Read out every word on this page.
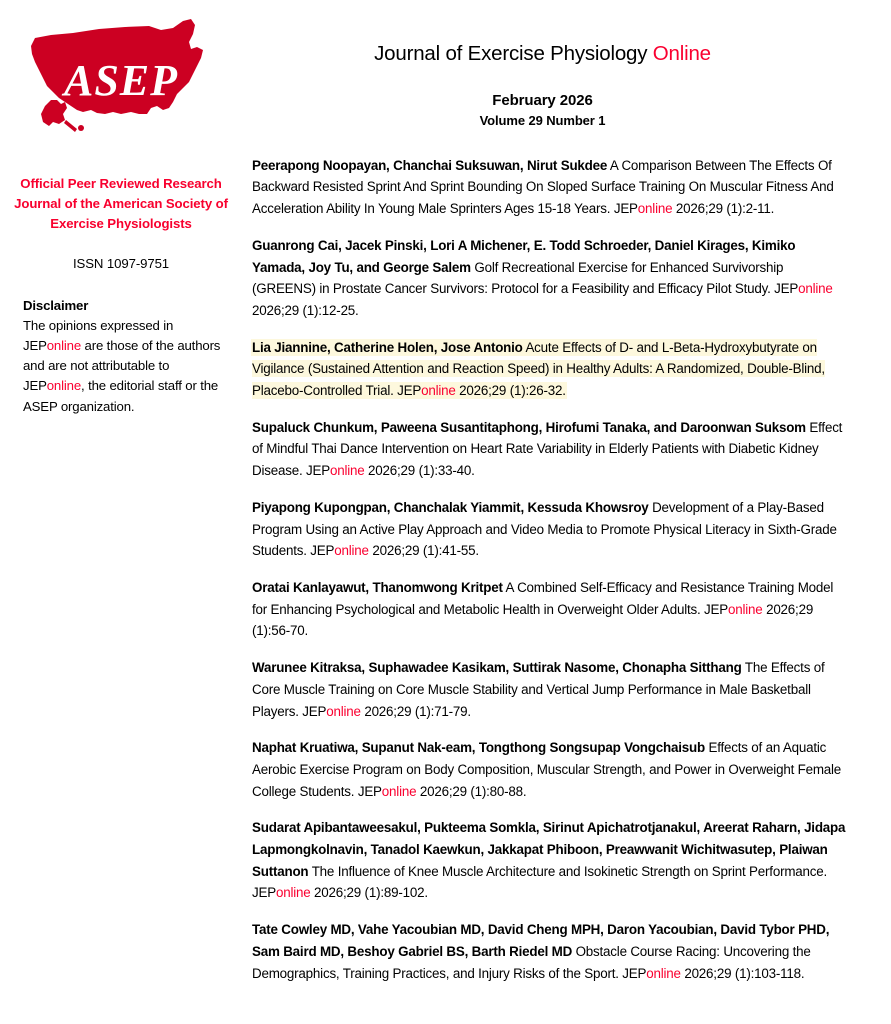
ASEP
Official Peer Reviewed Research Journal of the American Society of Exercise Physiologists
ISSN 1097-9751
Disclaimer
The opinions expressed in JEPonline are those of the authors and are not attributable to JEPonline, the editorial staff or the ASEP organization.
Journal of Exercise Physiology Online
February 2026
Volume 29 Number 1

Peerapong Noopayan, Chanchai Suksuwan, Nirut Sukdee A Comparison Between The Effects Of Backward Resisted Sprint And Sprint Bounding On Sloped Surface Training On Muscular Fitness And Acceleration Ability In Young Male Sprinters Ages 15-18 Years. JEPonline 2026;29 (1):2-11.

Guanrong Cai, Jacek Pinski, Lori A Michener, E. Todd Schroeder, Daniel Kirages, Kimiko Yamada, Joy Tu, and George Salem Golf Recreational Exercise for Enhanced Survivorship (GREENS) in Prostate Cancer Survivors: Protocol for a Feasibility and Efficacy Pilot Study. JEPonline 2026;29 (1):12-25.

Lia Jiannine, Catherine Holen, Jose Antonio Acute Effects of D- and L-Beta-Hydroxybutyrate on Vigilance (Sustained Attention and Reaction Speed) in Healthy Adults: A Randomized, Double-Blind, Placebo-Controlled Trial. JEPonline 2026;29 (1):26-32.

Supaluck Chunkum, Paweena Susantitaphong, Hirofumi Tanaka, and Daroonwan Suksom Effect of Mindful Thai Dance Intervention on Heart Rate Variability in Elderly Patients with Diabetic Kidney Disease. JEPonline 2026;29 (1):33-40.

Piyapong Kupongpan, Chanchalak Yiammit, Kessuda Khowsroy Development of a Play-Based Program Using an Active Play Approach and Video Media to Promote Physical Literacy in Sixth-Grade Students. JEPonline 2026;29 (1):41-55.

Oratai Kanlayawut, Thanomwong Kritpet A Combined Self-Efficacy and Resistance Training Model for Enhancing Psychological and Metabolic Health in Overweight Older Adults. JEPonline 2026;29 (1):56-70.

Warunee Kitraksa, Suphawadee Kasikam, Suttirak Nasome, Chonapha Sitthang The Effects of Core Muscle Training on Core Muscle Stability and Vertical Jump Performance in Male Basketball Players. JEPonline 2026;29 (1):71-79.

Naphat Kruatiwa, Supanut Nak-eam, Tongthong Songsupap Vongchaisub Effects of an Aquatic Aerobic Exercise Program on Body Composition, Muscular Strength, and Power in Overweight Female College Students. JEPonline 2026;29 (1):80-88.

Sudarat Apibantaweesakul, Pukteema Somkla, Sirinut Apichatrotjanakul, Areerat Raharn, Jidapa Lapmongkolnavin, Tanadol Kaewkun, Jakkapat Phiboon, Preawwanit Wichitwasutep, Plaiwan Suttanon The Influence of Knee Muscle Architecture and Isokinetic Strength on Sprint Performance. JEPonline 2026;29 (1):89-102.

Tate Cowley MD, Vahe Yacoubian MD, David Cheng MPH, Daron Yacoubian, David Tybor PHD, Sam Baird MD, Beshoy Gabriel BS, Barth Riedel MD Obstacle Course Racing: Uncovering the Demographics, Training Practices, and Injury Risks of the Sport. JEPonline 2026;29 (1):103-118.
